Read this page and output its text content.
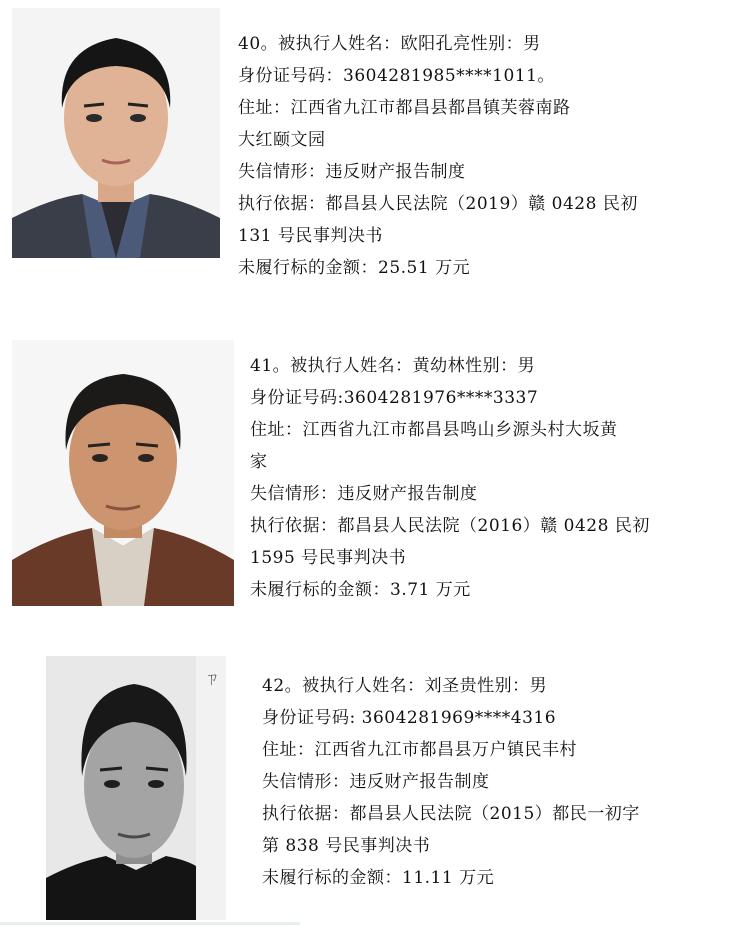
40。被执行人姓名：欧阳孔亮性别：男
身份证号码：3604281985****1011。
住址：江西省九江市都昌县都昌镇芙蓉南路
大红颐文园
失信情形：违反财产报告制度
执行依据：都昌县人民法院（2019）赣 0428 民初
131 号民事判决书
未履行标的金额：25.51 万元
41。被执行人姓名：黄幼林性别：男
身份证号码:3604281976****3337
住址：江西省九江市都昌县鸣山乡源头村大坂黄
家
失信情形：违反财产报告制度
执行依据：都昌县人民法院（2016）赣 0428 民初
1595 号民事判决书
未履行标的金额：3.71 万元
ㄗ 42。被执行人姓名：刘圣贵性别：男
身份证号码: 3604281969****4316
住址：江西省九江市都昌县万户镇民丰村
失信情形：违反财产报告制度
执行依据：都昌县人民法院（2015）都民一初字
第 838 号民事判决书
未履行标的金额：11.11 万元
